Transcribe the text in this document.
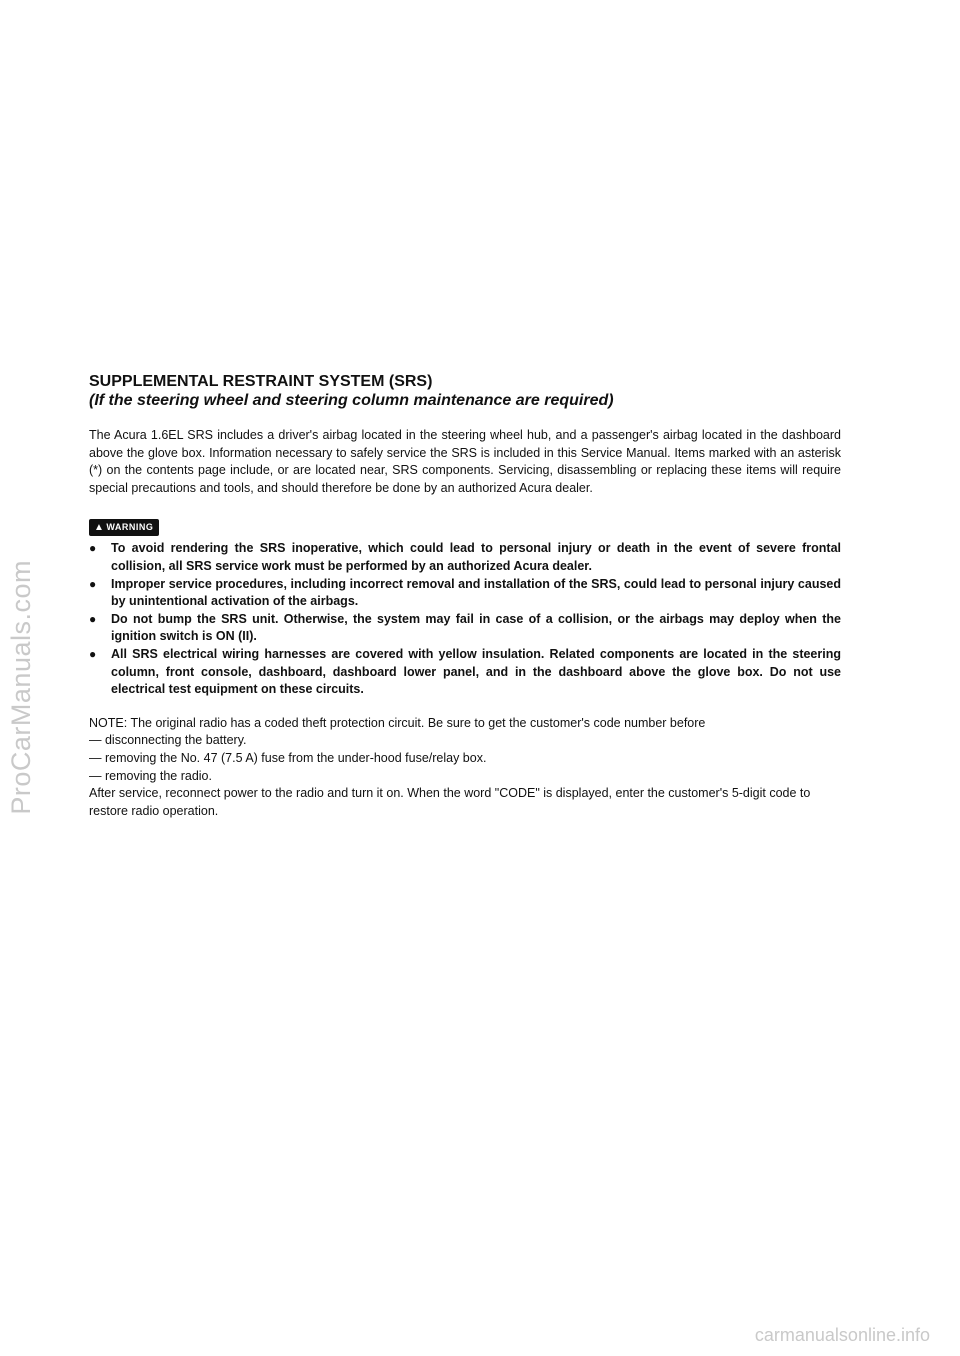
ProCarManuals.com
SUPPLEMENTAL RESTRAINT SYSTEM (SRS)
(If the steering wheel and steering column maintenance are required)

The Acura 1.6EL SRS includes a driver's airbag located in the steering wheel hub, and a passenger's airbag located in the dashboard above the glove box. Information necessary to safely service the SRS is included in this Service Manual. Items marked with an asterisk (*) on the contents page include, or are located near, SRS components. Servicing, disassembling or replacing these items will require special precautions and tools, and should therefore be done by an authorized Acura dealer.

▲ WARNING
● To avoid rendering the SRS inoperative, which could lead to personal injury or death in the event of severe frontal collision, all SRS service work must be performed by an authorized Acura dealer.
● Improper service procedures, including incorrect removal and installation of the SRS, could lead to personal injury caused by unintentional activation of the airbags.
● Do not bump the SRS unit. Otherwise, the system may fail in case of a collision, or the airbags may deploy when the ignition switch is ON (II).
● All SRS electrical wiring harnesses are covered with yellow insulation. Related components are located in the steering column, front console, dashboard, dashboard lower panel, and in the dashboard above the glove box. Do not use electrical test equipment on these circuits.
NOTE: The original radio has a coded theft protection circuit. Be sure to get the customer's code number before
— disconnecting the battery.
— removing the No. 47 (7.5 A) fuse from the under-hood fuse/relay box.
— removing the radio.
After service, reconnect power to the radio and turn it on. When the word "CODE" is displayed, enter the customer's 5-digit code to restore radio operation.
carmanualsonline.info
